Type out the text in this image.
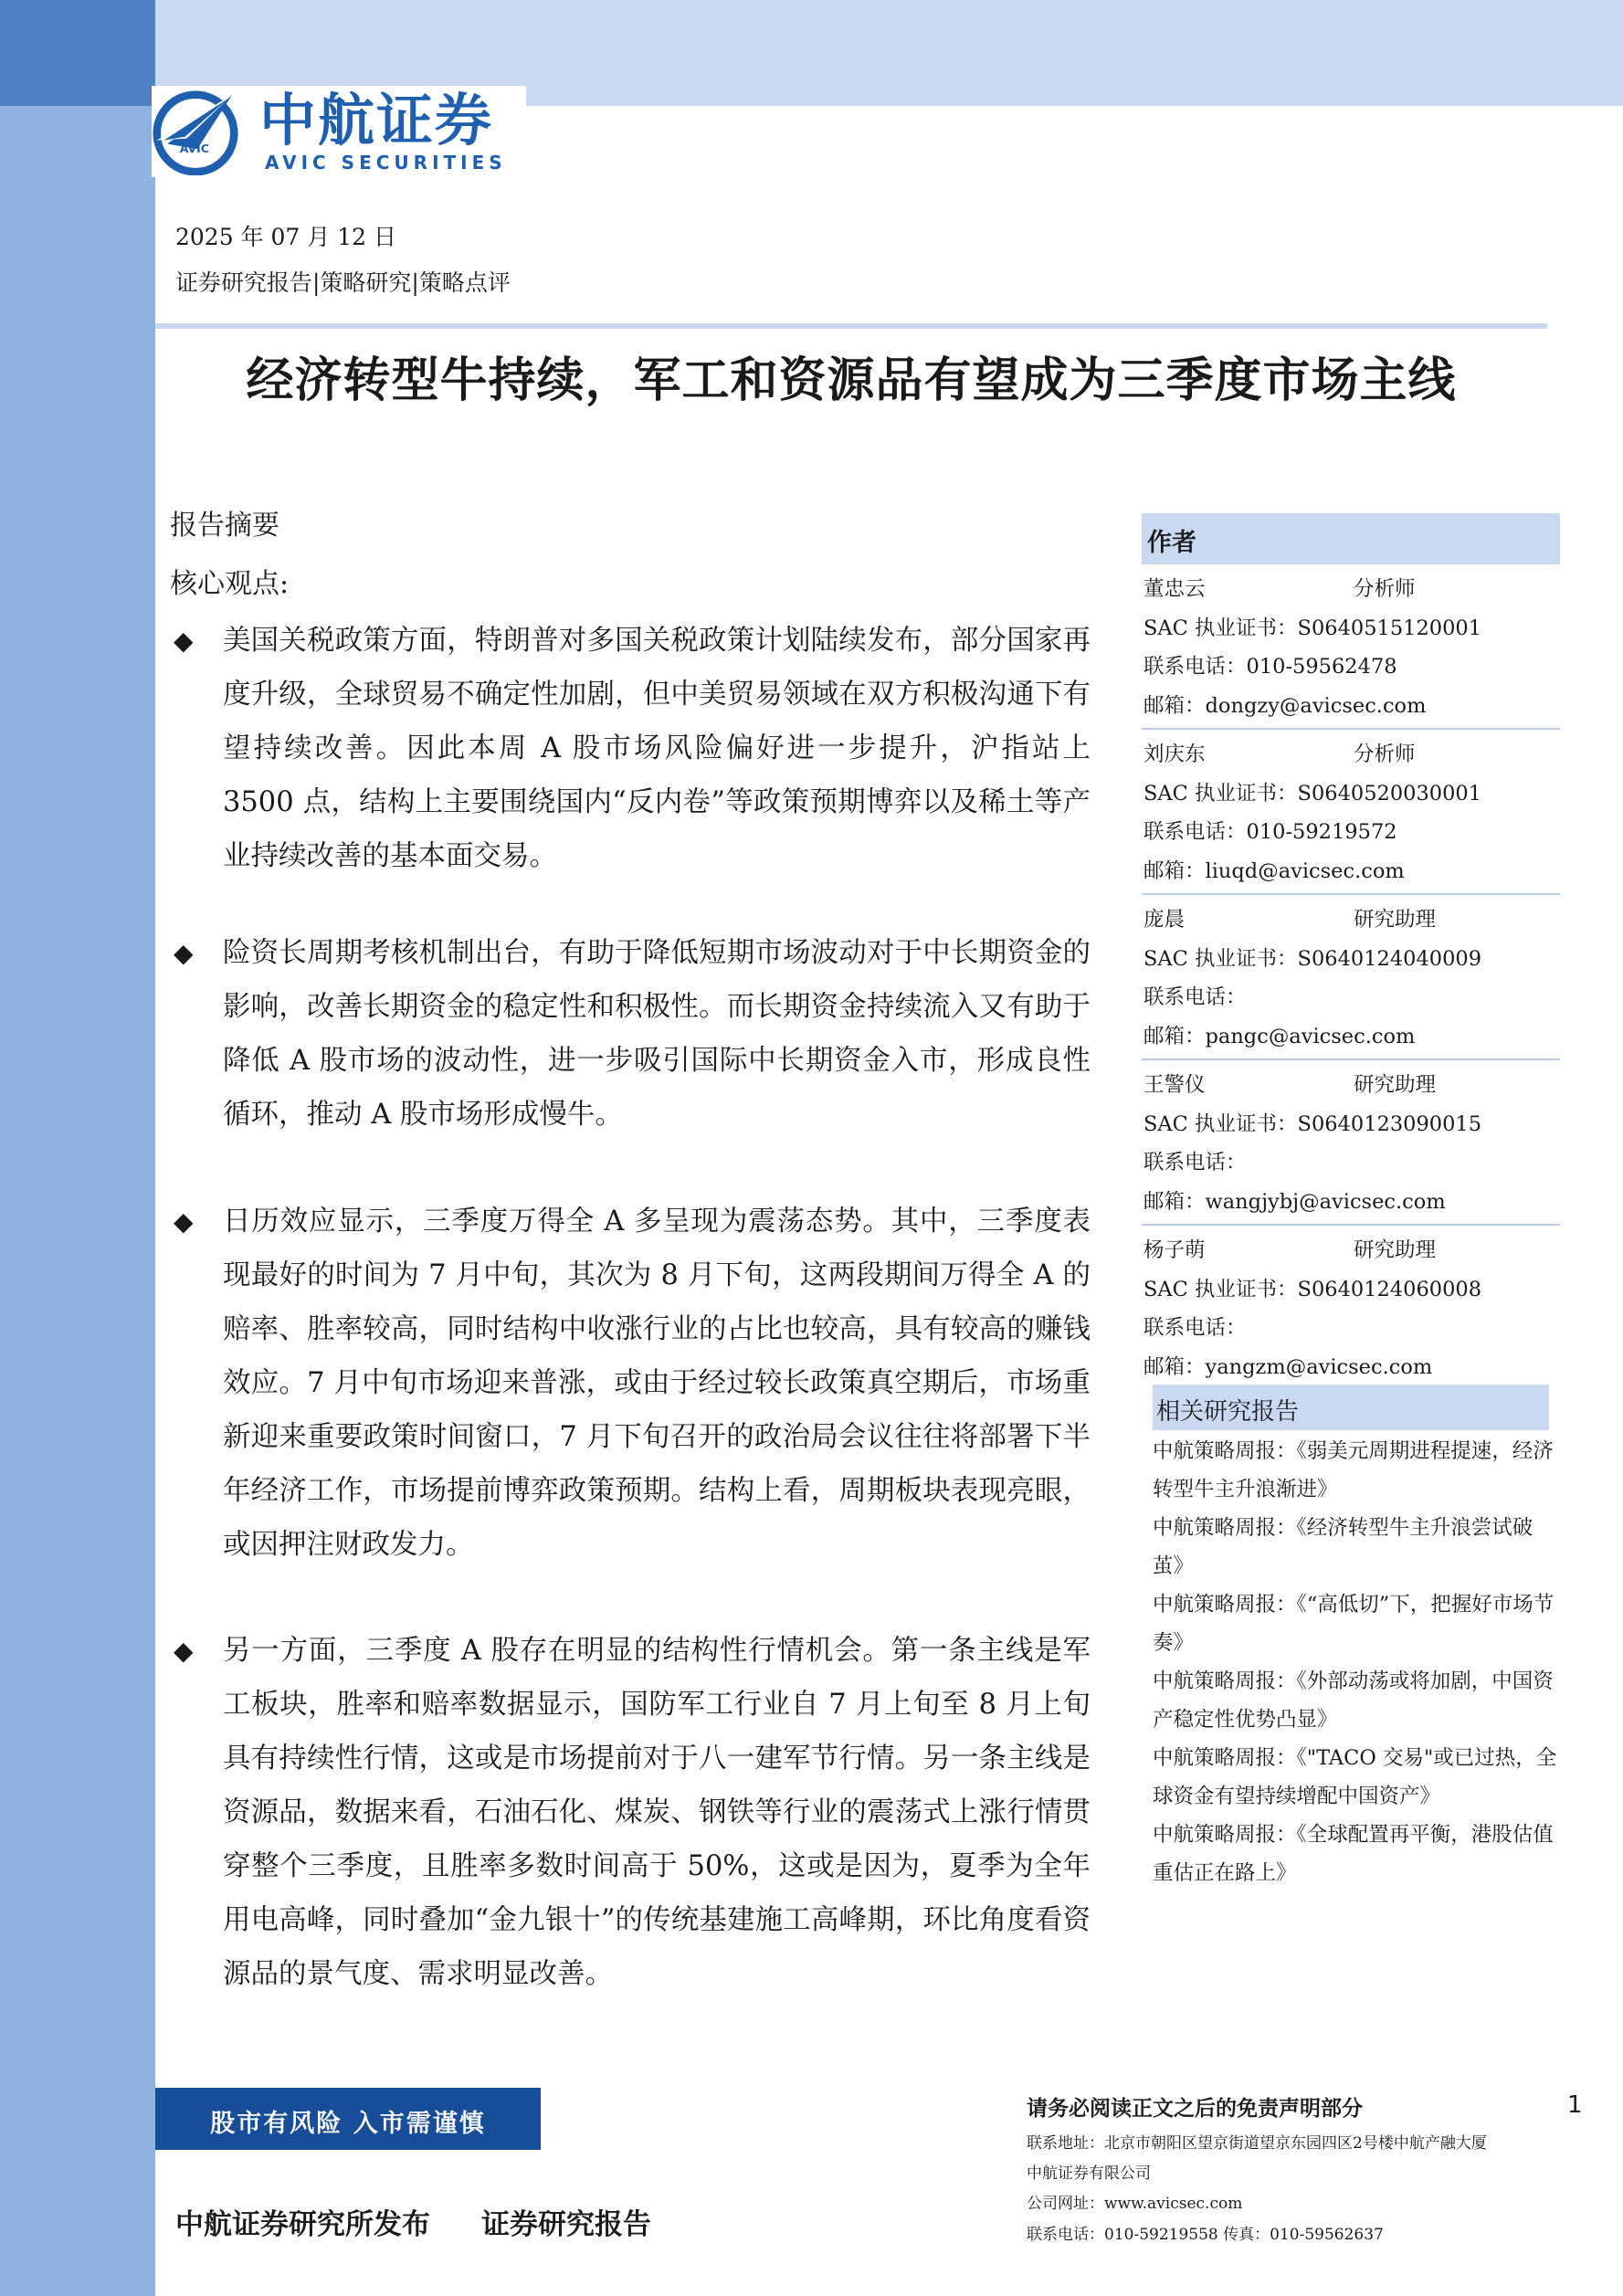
AVIC 中航证券
AVIC SECURITIES
2025 年 07 月 12 日
证券研究报告|策略研究|策略点评
经济转型牛持续，军工和资源品有望成为三季度市场主线
报告摘要
核心观点:
◆ 美国关税政策方面，特朗普对多国关税政策计划陆续发布，部分国家再度升级，全球贸易不确定性加剧，但中美贸易领域在双方积极沟通下有望持续改善。因此本周 A 股市场风险偏好进一步提升，沪指站上 3500 点，结构上主要围绕国内“反内卷”等政策预期博弈以及稀土等产业持续改善的基本面交易。
◆ 险资长周期考核机制出台，有助于降低短期市场波动对于中长期资金的影响，改善长期资金的稳定性和积极性。而长期资金持续流入又有助于降低 A 股市场的波动性，进一步吸引国际中长期资金入市，形成良性循环，推动 A 股市场形成慢牛。
◆ 日历效应显示，三季度万得全 A 多呈现为震荡态势。其中，三季度表现最好的时间为 7 月中旬，其次为 8 月下旬，这两段期间万得全 A 的赔率、胜率较高，同时结构中收涨行业的占比也较高，具有较高的赚钱效应。7 月中旬市场迎来普涨，或由于经过较长政策真空期后，市场重新迎来重要政策时间窗口，7 月下旬召开的政治局会议往往将部署下半年经济工作，市场提前博弈政策预期。结构上看，周期板块表现亮眼，或因押注财政发力。
◆ 另一方面，三季度 A 股存在明显的结构性行情机会。第一条主线是军工板块，胜率和赔率数据显示，国防军工行业自 7 月上旬至 8 月上旬具有持续性行情，这或是市场提前对于八一建军节行情。另一条主线是资源品，数据来看，石油石化、煤炭、钢铁等行业的震荡式上涨行情贯穿整个三季度，且胜率多数时间高于 50%，这或是因为，夏季为全年用电高峰，同时叠加“金九银十”的传统基建施工高峰期，环比角度看资源品的景气度、需求明显改善。
作者
董忠云	分析师
SAC 执业证书：S0640515120001
联系电话：010-59562478
邮箱：dongzy@avicsec.com
刘庆东	分析师
SAC 执业证书：S0640520030001
联系电话：010-59219572
邮箱：liuqd@avicsec.com
庞晨	研究助理
SAC 执业证书：S0640124040009
联系电话：
邮箱：pangc@avicsec.com
王警仪	研究助理
SAC 执业证书：S0640123090015
联系电话：
邮箱：wangjybj@avicsec.com
杨子萌	研究助理
SAC 执业证书：S0640124060008
联系电话：
邮箱：yangzm@avicsec.com
相关研究报告
中航策略周报：《弱美元周期进程提速，经济转型牛主升浪渐进》
中航策略周报：《经济转型牛主升浪尝试破茧》
中航策略周报：《“高低切”下，把握好市场节奏》
中航策略周报：《外部动荡或将加剧，中国资产稳定性优势凸显》
中航策略周报：《"TACO 交易"或已过热，全球资金有望持续增配中国资产》
中航策略周报：《全球配置再平衡，港股估值重估正在路上》
股市有风险 入市需谨慎
请务必阅读正文之后的免责声明部分	1
联系地址：北京市朝阳区望京街道望京东园四区2号楼中航产融大厦
中航证券有限公司
公司网址：www.avicsec.com
联系电话：010-59219558 传真：010-59562637
中航证券研究所发布 证券研究报告
